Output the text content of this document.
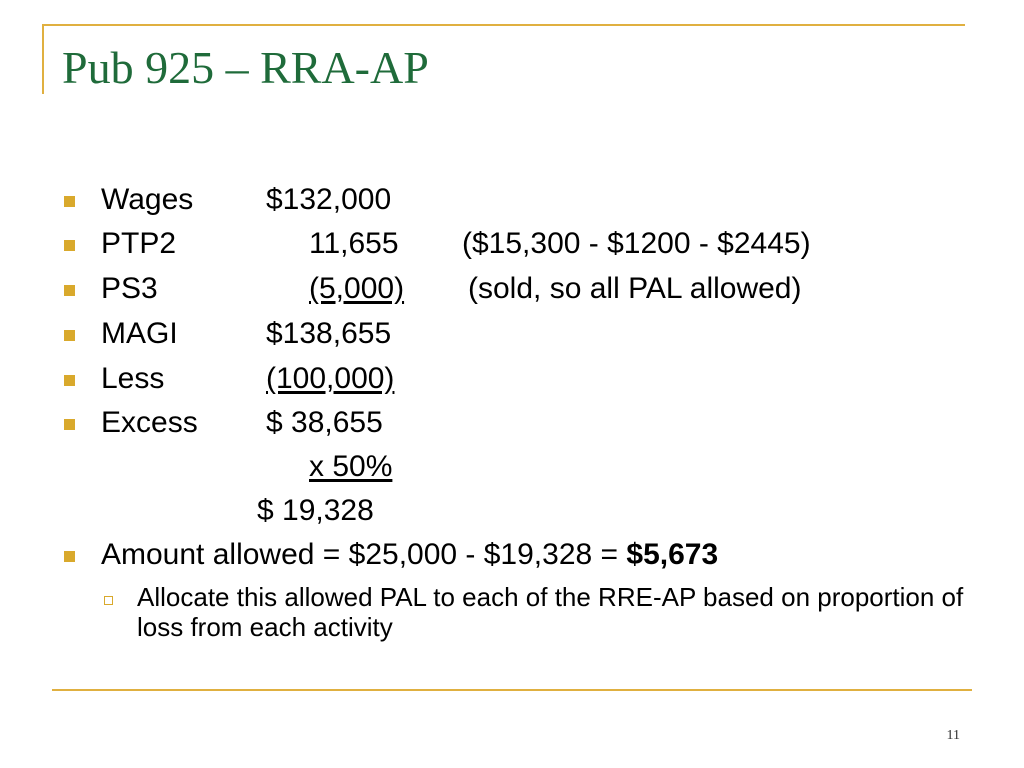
Pub 925 – RRA-AP
Wages $132,000
PTP2	11,655 ($15,300 - $1200 - $2445)
PS3	(5,000) (sold, so all PAL allowed)
MAGI	$138,655
Less	(100,000)
Excess $ 38,655
x 50%
$ 19,328
Amount allowed = $25,000 - $19,328 = $5,673
Allocate this allowed PAL to each of the RRE-AP based on proportion of loss from each activity
11
